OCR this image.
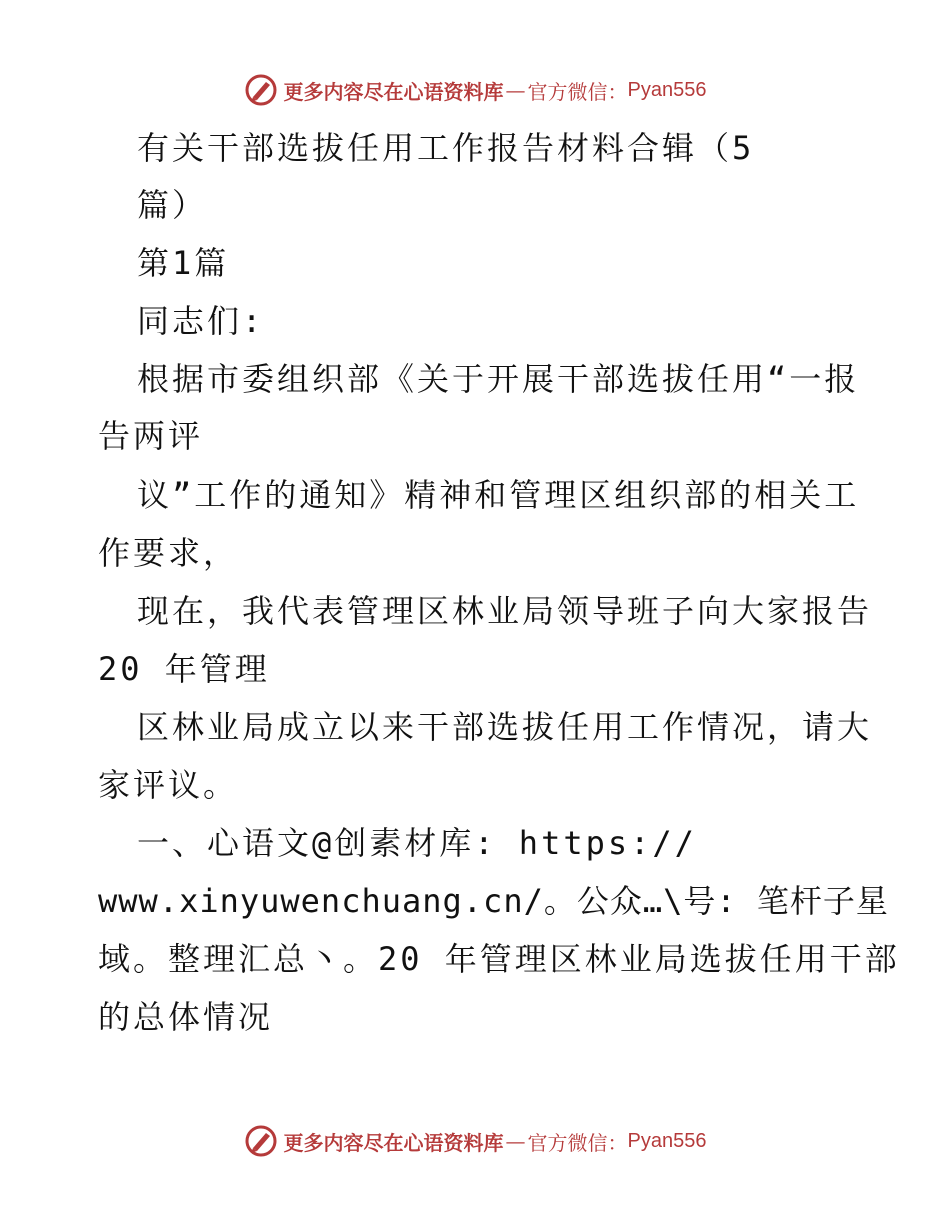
更多内容尽在心语资料库 — 官方微信： Pyan556

有关干部选拔任用工作报告材料合辑（5

篇）

第1篇

同志们:

根据市委组织部《关于开展干部选拔任用“一报

告两评

议”工作的通知》精神和管理区组织部的相关工

作要求，

现在，我代表管理区林业局领导班子向大家报告

20 年管理

区林业局成立以来干部选拔任用工作情况，请大

家评议。

一、心语文@创素材库: https://

www.xinyuwenchuang.cn/。公众…\号: 笔杆子星

域。整理汇总丶。20 年管理区林业局选拔任用干部

的总体情况

更多内容尽在心语资料库 — 官方微信： Pyan556
